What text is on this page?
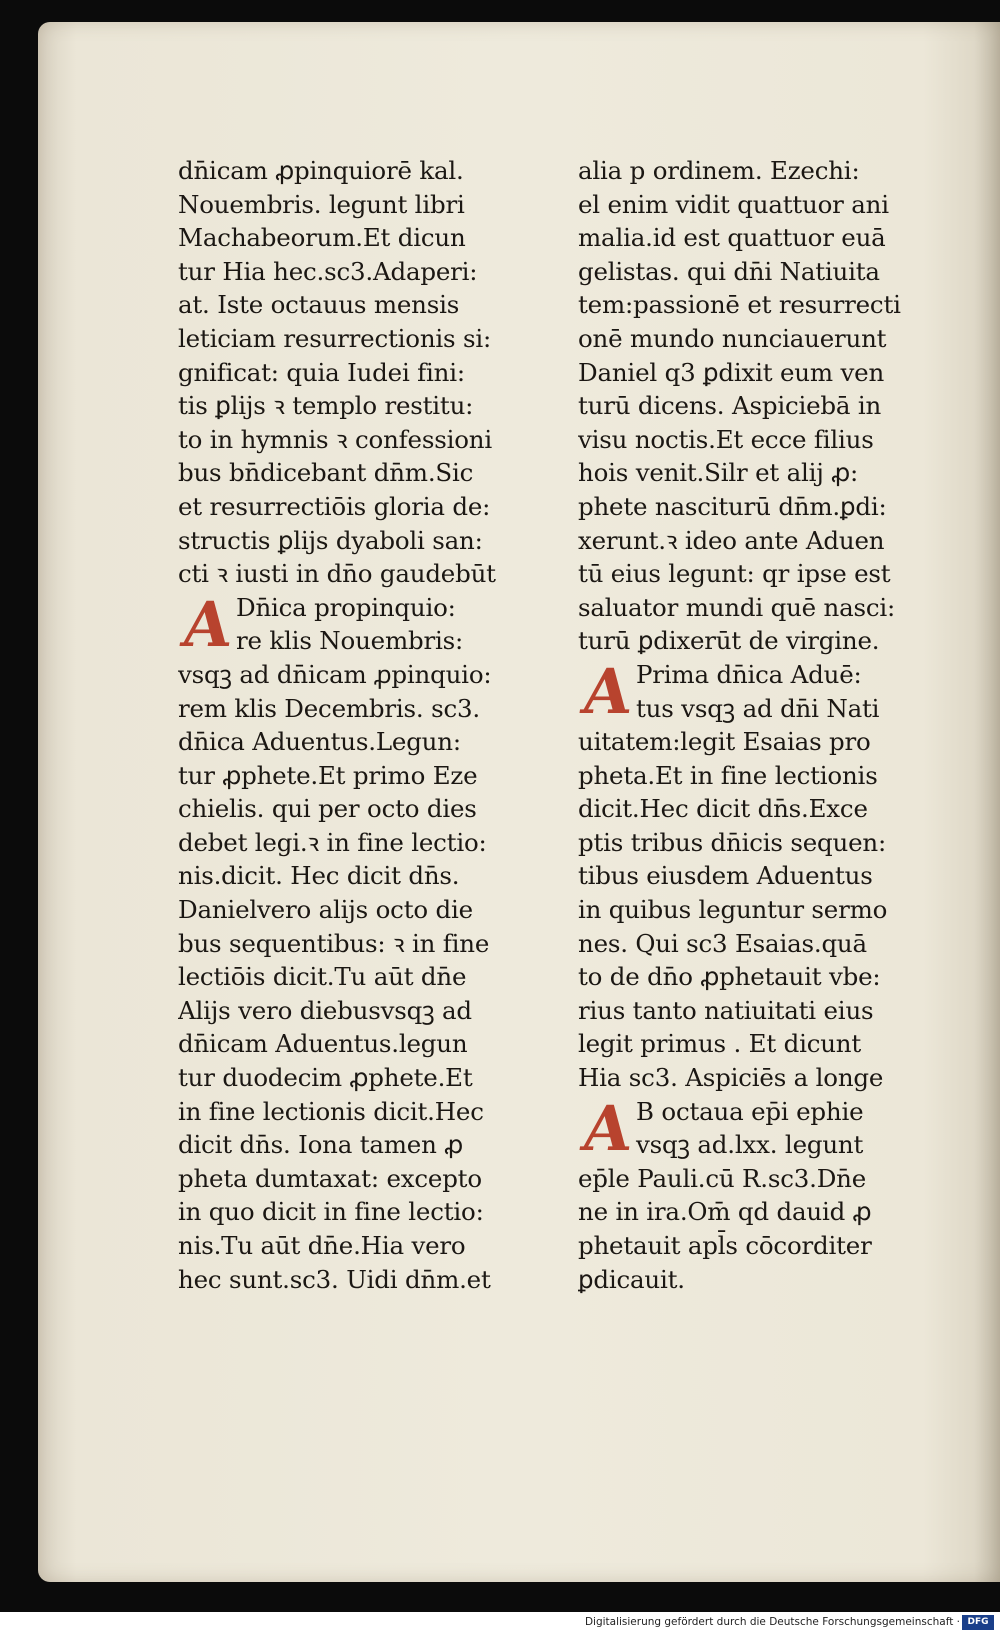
dn̄icam ꝓpinquiorē kal.
Nouembris. legunt libri
Machabeorum.Et dicun
tur Hia hec.sc3.Adaperi:
at. Iste octauus mensis
leticiam resurrectionis si:
gnificat: quia Iudei fini:
tis ꝑlijs ꝛ templo restitu:
to in hymnis ꝛ confessioni
bus bn̄dicebant dn̄m.Sic
et resurrectiōis gloria de:
structis ꝑlijs dyaboli san:
cti ꝛ iusti in dn̄o gaudebūt
A Dn̄ica propinquio:
re klis Nouembris:
vsqꝫ ad dn̄icam ꝓpinquio:
rem klis Decembris. sc3.
dn̄ica Aduentus.Legun:
tur ꝓphete.Et primo Eze
chielis. qui per octo dies
debet legi.ꝛ in fine lectio:
nis.dicit. Hec dicit dn̄s.
Danielvero alijs octo die
bus sequentibus: ꝛ in fine
lectiōis dicit.Tu aūt dn̄e
Alijs vero diebusvsqꝫ ad
dn̄icam Aduentus.legun
tur duodecim ꝓphete.Et
in fine lectionis dicit.Hec
dicit dn̄s. Iona tamen ꝓ
pheta dumtaxat: excepto
in quo dicit in fine lectio:
nis.Tu aūt dn̄e.Hia vero
hec sunt.sc3. Uidi dn̄m.et
alia p ordinem. Ezechi:
el enim vidit quattuor ani
malia.id est quattuor euā
gelistas. qui dn̄i Natiuita
tem:passionē et resurrecti
onē mundo nunciauerunt
Daniel q3 ꝑdixit eum ven
turū dicens. Aspiciebā in
visu noctis.Et ecce filius
hois venit.Silr et alij ꝓ:
phete nasciturū dn̄m.ꝑdi:
xerunt.ꝛ ideo ante Aduen
tū eius legunt: qr ipse est
saluator mundi quē nasci:
turū ꝑdixerūt de virgine.
A Prima dn̄ica Aduē:
tus vsqꝫ ad dn̄i Nati
uitatem:legit Esaias pro
pheta.Et in fine lectionis
dicit.Hec dicit dn̄s.Exce
ptis tribus dn̄icis sequen:
tibus eiusdem Aduentus
in quibus leguntur sermo
nes. Qui sc3 Esaias.quā
to de dn̄o ꝓphetauit vbe:
rius tanto natiuitati eius
legit primus . Et dicunt
Hia sc3. Aspiciēs a longe
A B octaua ep̄i ephie
vsqꝫ ad.lxx. legunt
ep̄le Pauli.cū R.sc3.Dn̄e
ne in ira.Om̄ qd dauid ꝓ
phetauit apl̄s cōcorditer
ꝑdicauit.
Digitalisierung gefördert durch die Deutsche Forschungsgemeinschaft · DFG
